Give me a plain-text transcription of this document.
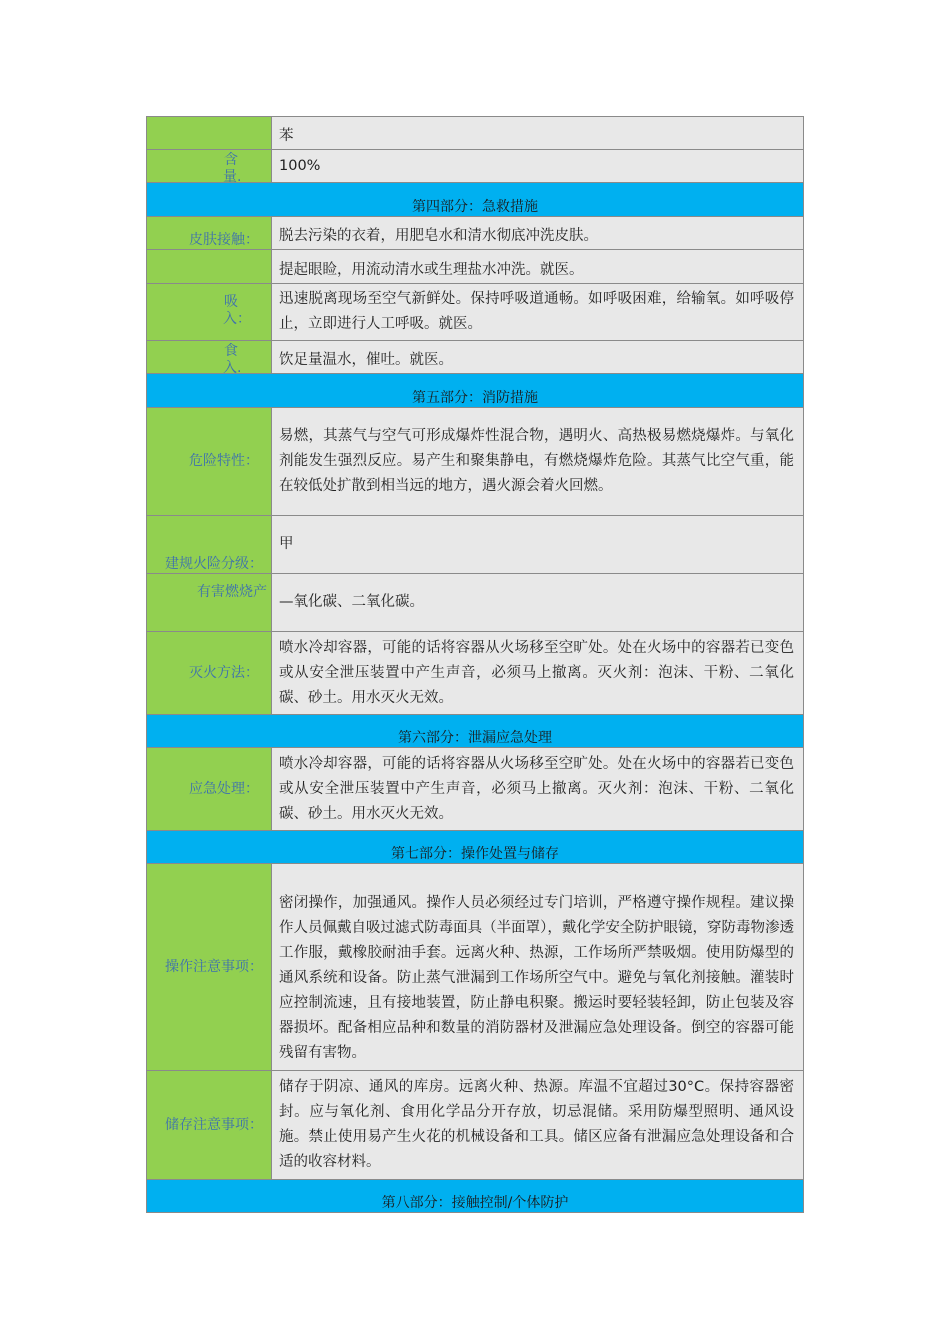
苯
含
量.
100%
第四部分：急救措施
皮肤接触：	脱去污染的衣着，用肥皂水和清水彻底冲洗皮肤。
提起眼睑，用流动清水或生理盐水冲洗。就医。
吸
入：
迅速脱离现场至空气新鲜处。保持呼吸道通畅。如呼吸困难，给输氧。如呼吸停止，立即进行人工呼吸。就医。
食
入.	饮足量温水，催吐。就医。
第五部分：消防措施
危险特性：
易燃，其蒸气与空气可形成爆炸性混合物，遇明火、高热极易燃烧爆炸。与氧化剂能发生强烈反应。易产生和聚集静电，有燃烧爆炸危险。其蒸气比空气重，能在较低处扩散到相当远的地方，遇火源会着火回燃。
建规火险分级：
甲
有害燃烧产
—氧化碳、二氧化碳。
灭火方法：
喷水冷却容器，可能的话将容器从火场移至空旷处。处在火场中的容器若已变色或从安全泄压装置中产生声音，必须马上撤离。灭火剂：泡沫、干粉、二氧化碳、砂土。用水灭火无效。
第六部分：泄漏应急处理
应急处理：
喷水冷却容器，可能的话将容器从火场移至空旷处。处在火场中的容器若已变色或从安全泄压装置中产生声音，必须马上撤离。灭火剂：泡沫、干粉、二氧化碳、砂土。用水灭火无效。
第七部分：操作处置与储存
操作注意事项：
密闭操作，加强通风。操作人员必须经过专门培训，严格遵守操作规程。建议操作人员佩戴自吸过滤式防毒面具（半面罩），戴化学安全防护眼镜，穿防毒物渗透工作服，戴橡胶耐油手套。远离火种、热源，工作场所严禁吸烟。使用防爆型的通风系统和设备。防止蒸气泄漏到工作场所空气中。避免与氧化剂接触。灌装时应控制流速，且有接地装置，防止静电积聚。搬运时要轻装轻卸，防止包装及容器损坏。配备相应品种和数量的消防器材及泄漏应急处理设备。倒空的容器可能残留有害物。
储存注意事项：
储存于阴凉、通风的库房。远离火种、热源。库温不宜超过30°C。保持容器密封。应与氧化剂、食用化学品分开存放，切忌混储。采用防爆型照明、通风设施。禁止使用易产生火花的机械设备和工具。储区应备有泄漏应急处理设备和合适的收容材料。
第八部分：接触控制/个体防护
